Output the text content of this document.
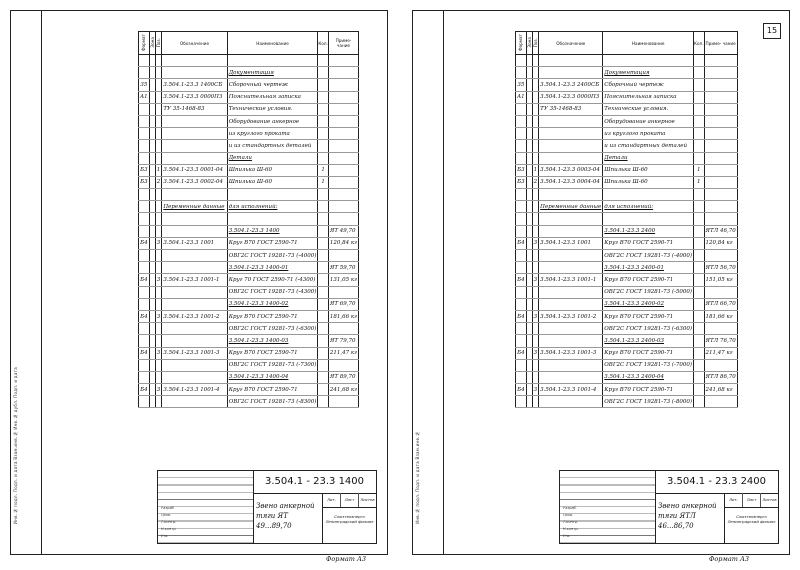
Инв.№ подл. Подп. и дата Взам.инв.№ Инв.№ дубл. Подп. и дата
Формат	Зона	Поз.	Обозначение	Наименование	Кол.	Приме- чание

				Документация		
35			3.504.1-23.3 1400СБ	Сборочный чертеж		
А1			3.504.1-23.3 0000ПЗ	Пояснительная записка		
			ТУ 35-1468-83	Технические условия.		
				Оборудование анкерное		
				из круглого проката		
				и из стандартных деталей		
				Детали		
Б3		1	3.504.1-23.3 0001-04	Шпилька Ш-60	1	
Б3		2	3.504.1-23.3 0002-04	Шпилька Ш-60	1	

			Переменные данные	для исполнений:		

				3.504.1-23.3 1400		ЯТ 49,70
Б4		3	3.504.1-23.3 1001	Круг В70 ГОСТ 2590-71		120,84 кг
				ОВГ2С ГОСТ 19281-73 (-4000)		
				3.504.1-23.3 1400-01		ЯТ 59,70
Б4		3	3.504.1-23.3 1001-1	Круг 70 ГОСТ 2590-71 (-4300)		131,05 кг
				ОВГ2С ГОСТ 19281-73 (-4300)		
				3.504.1-23.3 1400-02		ЯТ 69,70
Б4		3	3.504.1-23.3 1001-2	Круг В70 ГОСТ 2590-71		181,66 кг
				ОВГ2С ГОСТ 19281-73 (-6300)		
				3.504.1-23.3 1400-03		ЯТ 79,70
Б4		3	3.504.1-23.3 1001-3	Круг В70 ГОСТ 2590-71		211,47 кг
				ОВГ2С ГОСТ 19281-73 (-7300)		
				3.504.1-23.3 1400-04		ЯТ 89,70
Б4		3	3.504.1-23.3 1001-4	Круг В70 ГОСТ 2590-71		241,68 кг
				ОВГ2С ГОСТ 19281-73 (-8300)		
Разраб.
Пров.
Т.контр.
Н.контр.
Утв.
3.504.1 - 23.3 1400
Звено анкерной тяги ЯТ 49...89,70
Лит.	Лист	Листов
Союзтехэнерго Ленинградский филиал
Формат А3
Инв.№ подл. Подп. и дата Взам.инв.№
15
Формат	Зона	Поз.	Обозначение	Наименование	Кол.	Приме- чание

				Документация		
35			3.504.1-23.3 2400СБ	Сборочный чертеж		
А1			3.504.1-23.3 0000ПЗ	Пояснительная записка		
			ТУ 35-1468-83	Технические условия.		
				Оборудование анкерное		
				из круглого проката		
				и из стандартных деталей		
				Детали		
Б3		1	3.504.1-23.3 0003-04	Шпилька Ш-60	1	
Б3		2	3.504.1-23.3 0004-04	Шпилька Ш-60	1	

			Переменные данные	для исполнений:		

				3.504.1-23.3 2400		ЯТЛ 46,70
Б4		3	3.504.1-23.3 1001	Круг В70 ГОСТ 2590-71		120,84 кг
				ОВГ2С ГОСТ 19281-73 (-4000)		
				3.504.1-23.3 2400-01		ЯТЛ 56,70
Б4		3	3.504.1-23.3 1001-1	Круг В70 ГОСТ 2590-71		151,05 кг
				ОВГ2С ГОСТ 19281-73 (-5000)		
				3.504.1-23.3 2400-02		ЯТЛ 66,70
Б4		3	3.504.1-23.3 1001-2	Круг В70 ГОСТ 2590-71		181,66 кг
				ОВГ2С ГОСТ 19281-73 (-6300)		
				3.504.1-23.3 2400-03		ЯТЛ 76,70
Б4		3	3.504.1-23.3 1001-3	Круг В70 ГОСТ 2590-71		211,47 кг
				ОВГ2С ГОСТ 19281-73 (-7000)		
				3.504.1-23.3 2400-04		ЯТЛ 86,70
Б4		3	3.504.1-23.3 1001-4	Круг В70 ГОСТ 2590-71		241,68 кг
				ОВГ2С ГОСТ 19281-73 (-8000)		
Разраб.
Пров.
Т.контр.
Н.контр.
Утв.
3.504.1 - 23.3 2400
Звено анкерной тяги ЯТЛ 46...86,70
Лит.	Лист	Листов
Союзтехэнерго Ленинградский филиал
Формат А3
